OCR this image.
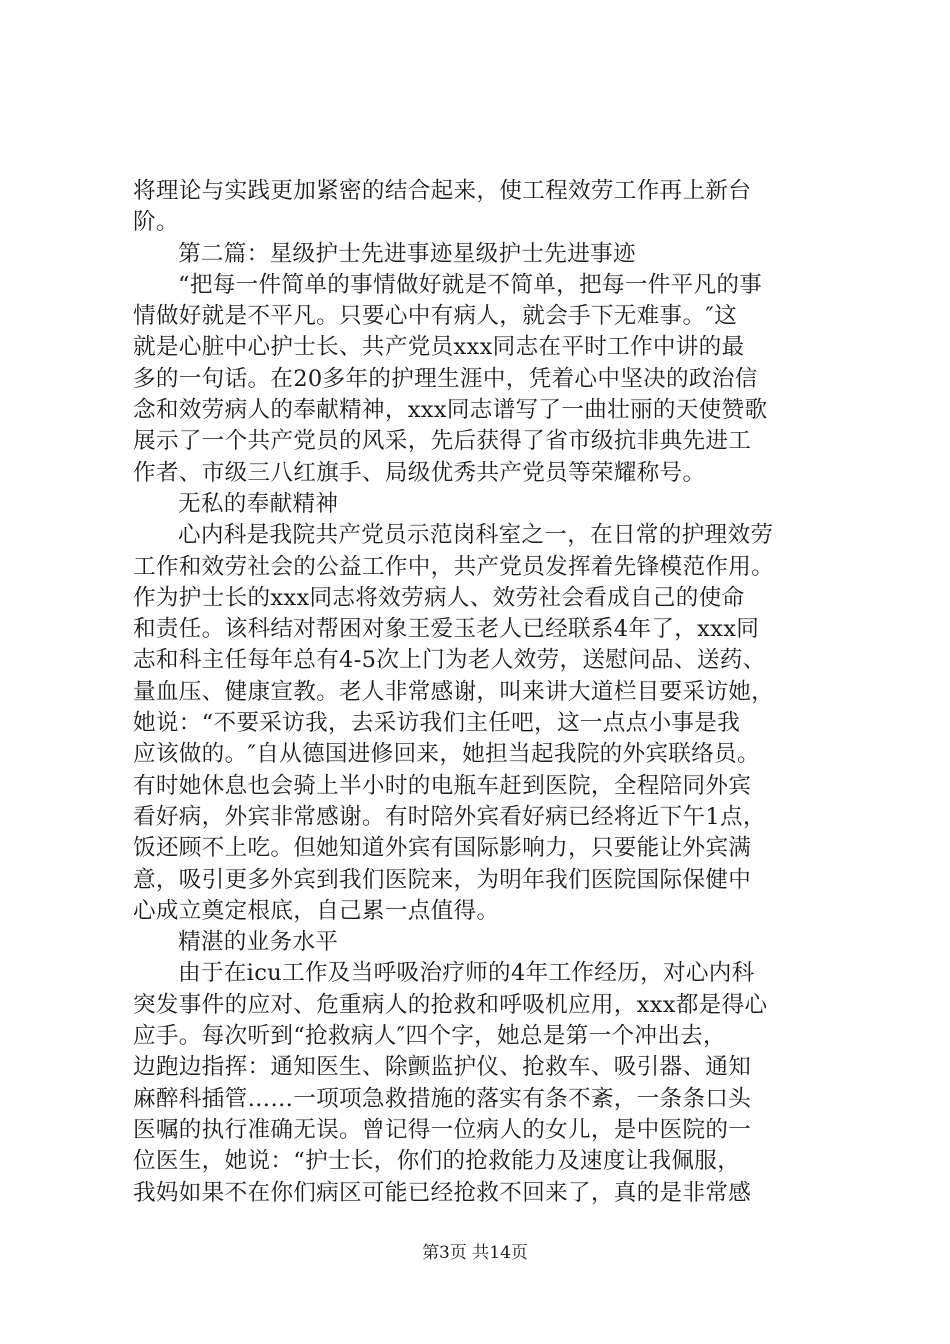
将理论与实践更加紧密的结合起来，使工程效劳工作再上新台
阶。
第二篇：星级护士先进事迹星级护士先进事迹
“把每一件简单的事情做好就是不简单，把每一件平凡的事
情做好就是不平凡。只要心中有病人，就会手下无难事。″这
就是心脏中心护士长、共产党员xxx同志在平时工作中讲的最
多的一句话。在20多年的护理生涯中，凭着心中坚决的政治信
念和效劳病人的奉献精神，xxx同志谱写了一曲壮丽的天使赞歌
展示了一个共产党员的风采，先后获得了省市级抗非典先进工
作者、市级三八红旗手、局级优秀共产党员等荣耀称号。
无私的奉献精神
心内科是我院共产党员示范岗科室之一，在日常的护理效劳
工作和效劳社会的公益工作中，共产党员发挥着先锋模范作用。
作为护士长的xxx同志将效劳病人、效劳社会看成自己的使命
和责任。该科结对帮困对象王爱玉老人已经联系4年了，xxx同
志和科主任每年总有4-5次上门为老人效劳，送慰问品、送药、
量血压、健康宣教。老人非常感谢，叫来讲大道栏目要采访她，
她说：“不要采访我，去采访我们主任吧，这一点点小事是我
应该做的。″自从德国进修回来，她担当起我院的外宾联络员。
有时她休息也会骑上半小时的电瓶车赶到医院，全程陪同外宾
看好病，外宾非常感谢。有时陪外宾看好病已经将近下午1点，
饭还顾不上吃。但她知道外宾有国际影响力，只要能让外宾满
意，吸引更多外宾到我们医院来，为明年我们医院国际保健中
心成立奠定根底，自己累一点值得。
精湛的业务水平
由于在icu工作及当呼吸治疗师的4年工作经历，对心内科
突发事件的应对、危重病人的抢救和呼吸机应用，xxx都是得心
应手。每次听到“抢救病人″四个字，她总是第一个冲出去，
边跑边指挥：通知医生、除颤监护仪、抢救车、吸引器、通知
麻醉科插管……一项项急救措施的落实有条不紊，一条条口头
医嘱的执行准确无误。曾记得一位病人的女儿，是中医院的一
位医生，她说：“护士长，你们的抢救能力及速度让我佩服，
我妈如果不在你们病区可能已经抢救不回来了，真的是非常感
第3页 共14页
